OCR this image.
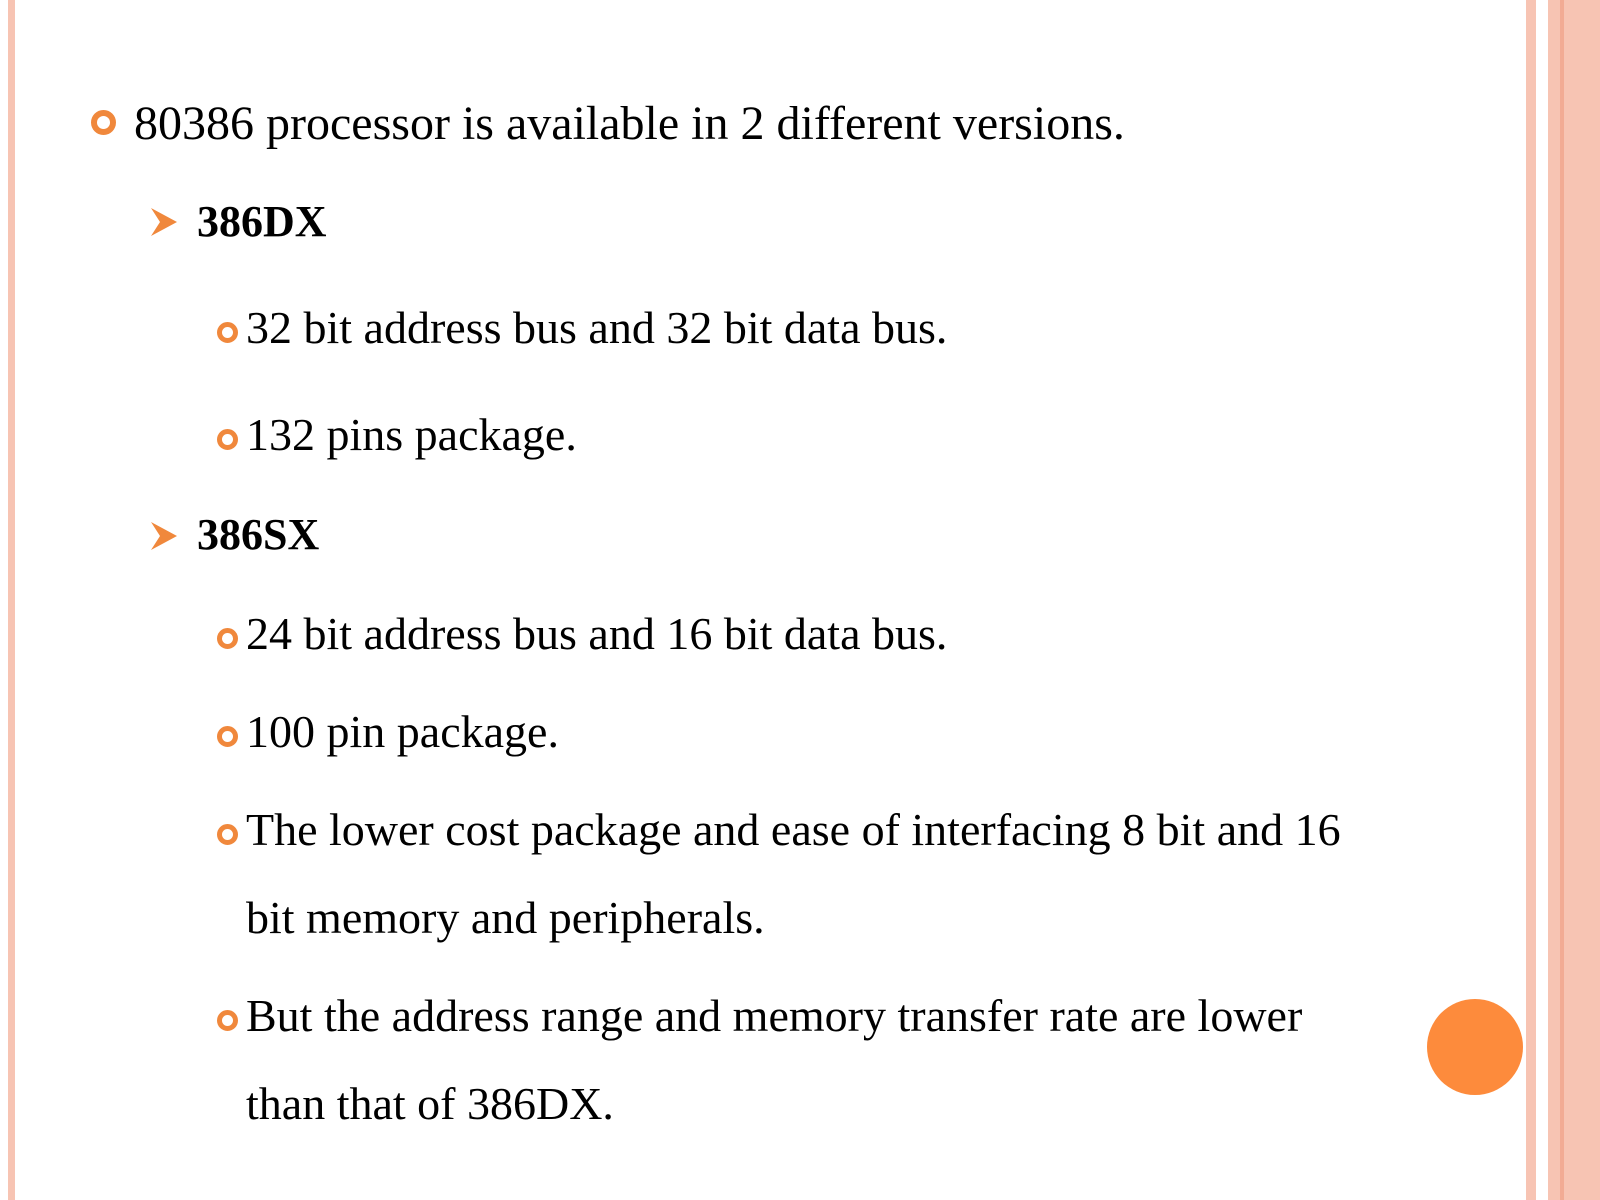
80386 processor is available in 2 different versions.
386DX
32 bit address bus and 32 bit data bus.
132 pins package.
386SX
24 bit address bus and 16 bit data bus.
100 pin package.
The lower cost package and ease of interfacing 8 bit and 16
bit memory and peripherals.
But the address range and memory transfer rate are lower
than that of 386DX.
